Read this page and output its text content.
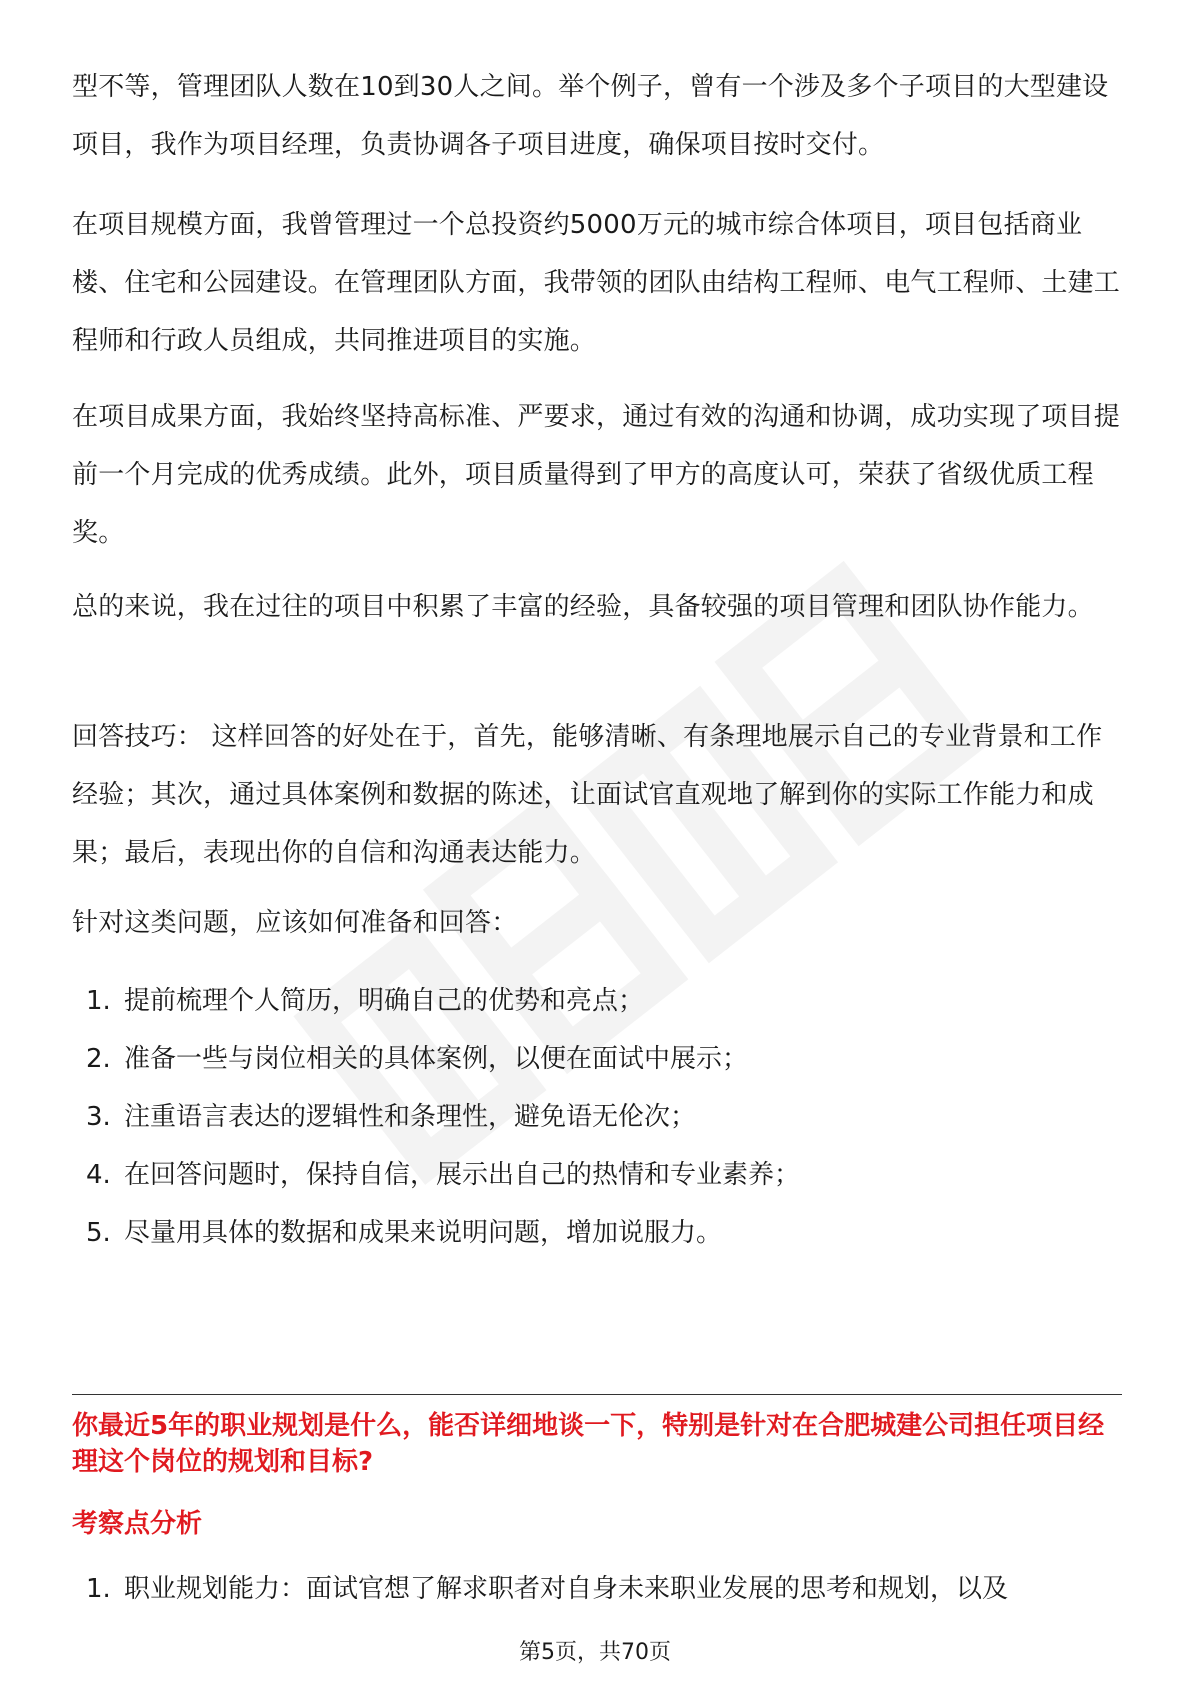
型不等，管理团队人数在10到30人之间。举个例子，曾有一个涉及多个子项目的大型建设项目，我作为项目经理，负责协调各子项目进度，确保项目按时交付。

在项目规模方面，我曾管理过一个总投资约5000万元的城市综合体项目，项目包括商业楼、住宅和公园建设。在管理团队方面，我带领的团队由结构工程师、电气工程师、土建工程师和行政人员组成，共同推进项目的实施。

在项目成果方面，我始终坚持高标准、严要求，通过有效的沟通和协调，成功实现了项目提前一个月完成的优秀成绩。此外，项目质量得到了甲方的高度认可，荣获了省级优质工程奖。

总的来说，我在过往的项目中积累了丰富的经验，具备较强的项目管理和团队协作能力。

回答技巧： 这样回答的好处在于，首先，能够清晰、有条理地展示自己的专业背景和工作经验；其次，通过具体案例和数据的陈述，让面试官直观地了解到你的实际工作能力和成果；最后，表现出你的自信和沟通表达能力。

针对这类问题，应该如何准备和回答：

1. 提前梳理个人简历，明确自己的优势和亮点；
2. 准备一些与岗位相关的具体案例，以便在面试中展示；
3. 注重语言表达的逻辑性和条理性，避免语无伦次；
4. 在回答问题时，保持自信，展示出自己的热情和专业素养；
5. 尽量用具体的数据和成果来说明问题，增加说服力。

你最近5年的职业规划是什么，能否详细地谈一下，特别是针对在合肥城建公司担任项目经理这个岗位的规划和目标?

考察点分析

1. 职业规划能力：面试官想了解求职者对自身未来职业发展的思考和规划，以及
第5页，共70页
